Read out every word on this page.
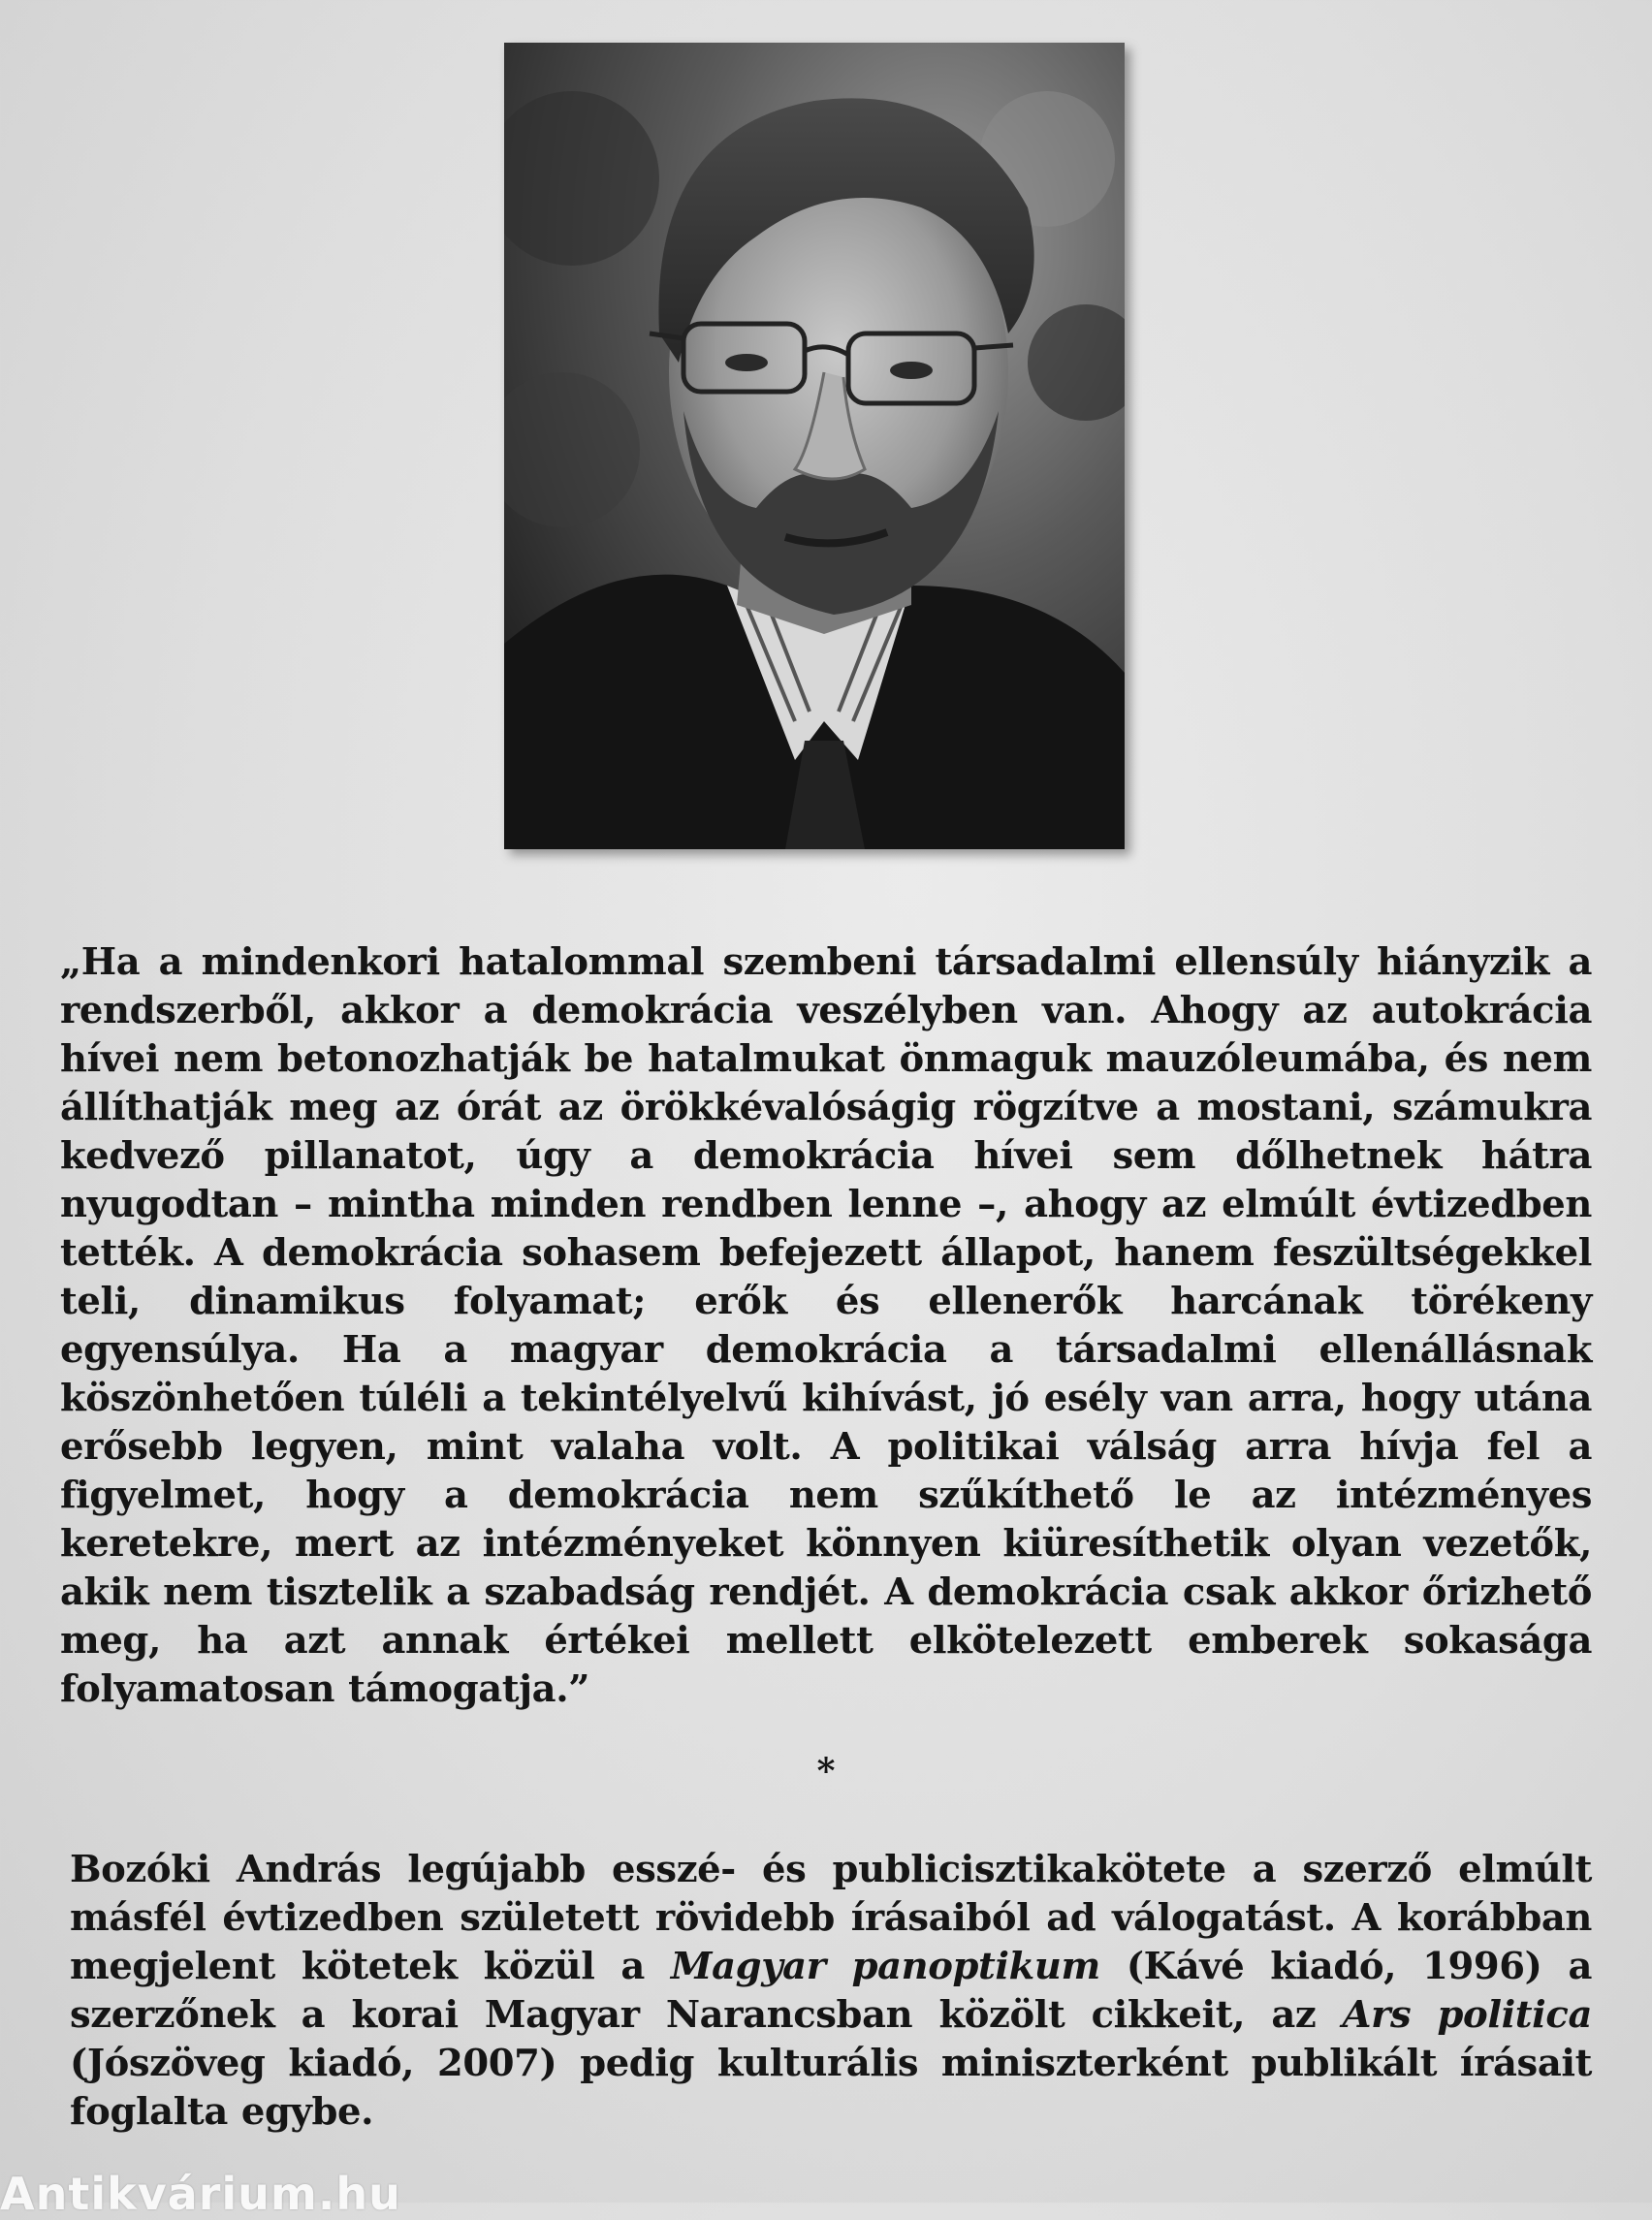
„Ha a mindenkori hatalommal szembeni társadalmi ellensúly hiányzik a rendszerből, akkor a demokrácia veszélyben van. Ahogy az autokrácia hívei nem betonozhatják be hatalmukat önmaguk mauzóleumába, és nem állíthatják meg az órát az örökkévalóságig rögzítve a mostani, számukra kedvező pillanatot, úgy a demokrácia hívei sem dőlhetnek hátra nyugodtan – mintha minden rendben lenne –, ahogy az elmúlt évtizedben tették. A demokrácia sohasem befejezett állapot, hanem feszültségekkel teli, dinamikus folyamat; erők és ellenerők harcának törékeny egyensúlya. Ha a magyar demokrácia a társadalmi ellenállásnak köszönhetően túléli a tekintélyelvű kihívást, jó esély van arra, hogy utána erősebb legyen, mint valaha volt. A politikai válság arra hívja fel a figyelmet, hogy a demokrácia nem szűkíthető le az intézményes keretekre, mert az intézményeket könnyen kiüresíthetik olyan vezetők, akik nem tisztelik a szabadság rendjét. A demokrácia csak akkor őrizhető meg, ha azt annak értékei mellett elkötelezett emberek sokasága folyamatosan támogatja.”

*

Bozóki András legújabb esszé- és publicisztikakötete a szerző elmúlt másfél évtizedben született rövidebb írásaiból ad válogatást. A korábban megjelent kötetek közül a Magyar panoptikum (Kávé kiadó, 1996) a szerzőnek a korai Magyar Narancsban közölt cikkeit, az Ars politica (Jószöveg kiadó, 2007) pedig kulturális miniszterként publikált írásait foglalta egybe.

Antikvárium.hu
